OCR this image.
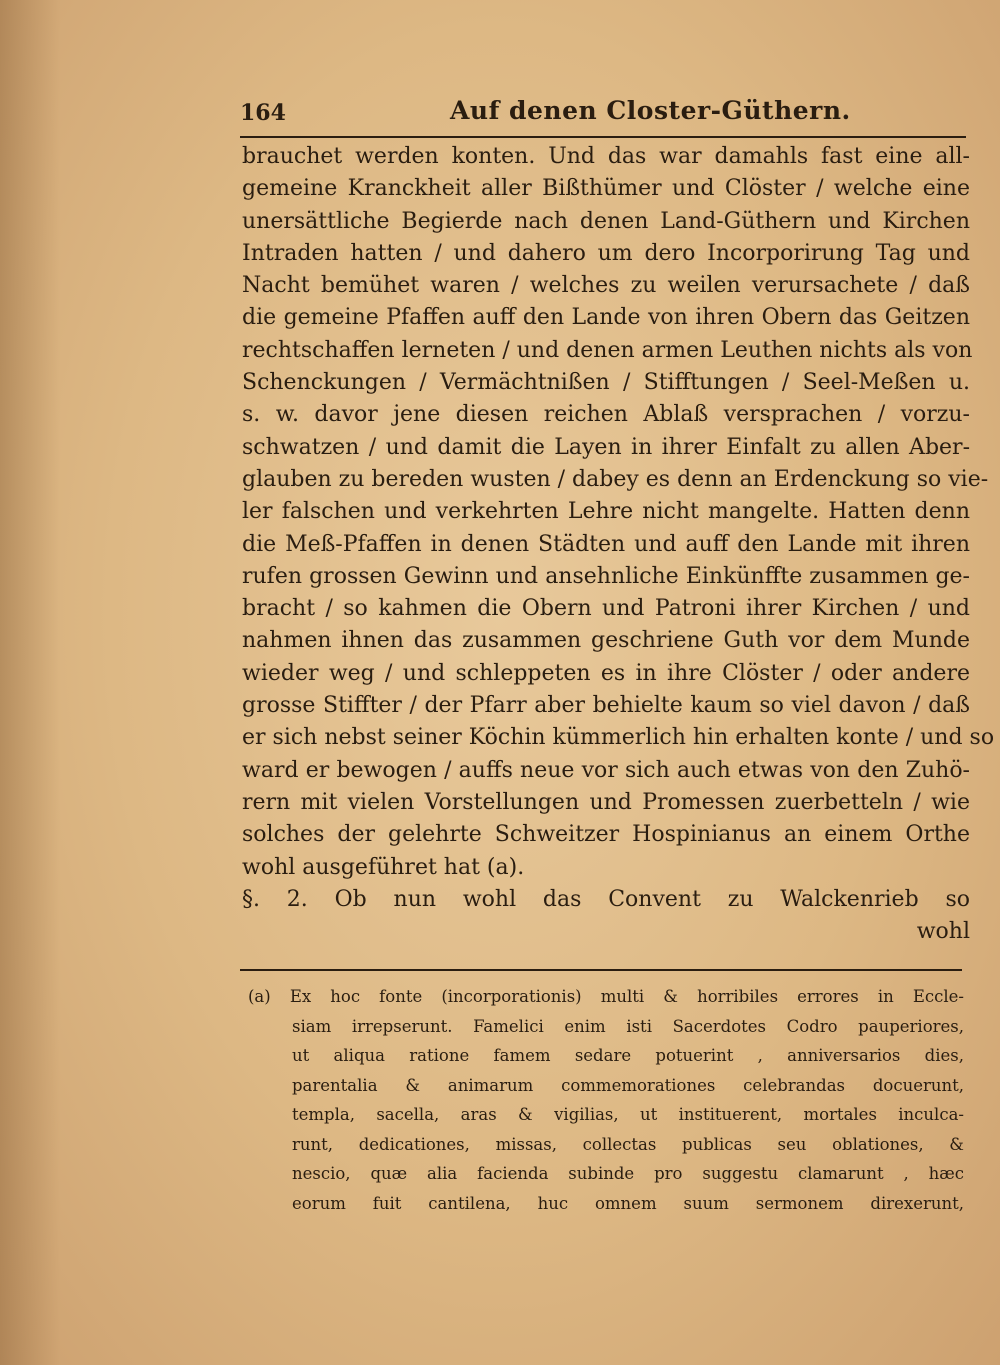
164	Auf denen Closter-Güthern.
brauchet werden konten. Und das war damahls fast eine all-
gemeine Kranckheit aller Bißthümer und Clöster / welche eine
unersättliche Begierde nach denen Land-Güthern und Kirchen
Intraden hatten / und dahero um dero Incorporirung Tag und
Nacht bemühet waren / welches zu weilen verursachete / daß
die gemeine Pfaffen auff den Lande von ihren Obern das Geitzen
rechtschaffen lerneten / und denen armen Leuthen nichts als von
Schenckungen / Vermächtnißen / Stifftungen / Seel-Meßen u.
s. w. davor jene diesen reichen Ablaß versprachen / vorzu-
schwatzen / und damit die Layen in ihrer Einfalt zu allen Aber-
glauben zu bereden wusten / dabey es denn an Erdenckung so vie-
ler falschen und verkehrten Lehre nicht mangelte. Hatten denn
die Meß-Pfaffen in denen Städten und auff den Lande mit ihren
rufen grossen Gewinn und ansehnliche Einkünffte zusammen ge-
bracht / so kahmen die Obern und Patroni ihrer Kirchen / und
nahmen ihnen das zusammen geschriene Guth vor dem Munde
wieder weg / und schleppeten es in ihre Clöster / oder andere
grosse Stiffter / der Pfarr aber behielte kaum so viel davon / daß
er sich nebst seiner Köchin kümmerlich hin erhalten konte / und so
ward er bewogen / auffs neue vor sich auch etwas von den Zuhö-
rern mit vielen Vorstellungen und Promessen zuerbetteln / wie
solches der gelehrte Schweitzer Hospinianus an einem Orthe
wohl ausgeführet hat (a).
§. 2. Ob nun wohl das Convent zu Walckenrieb so
wohl
(a) Ex hoc fonte (incorporationis) multi & horribiles errores in Eccle-
siam irrepserunt. Famelici enim isti Sacerdotes Codro pauperiores,
ut aliqua ratione famem sedare potuerint , anniversarios dies,
parentalia & animarum commemorationes celebrandas docuerunt,
templa, sacella, aras & vigilias, ut instituerent, mortales inculca-
runt, dedicationes, missas, collectas publicas seu oblationes, &
nescio, quæ alia facienda subinde pro suggestu clamarunt , hæc
eorum fuit cantilena, huc omnem suum sermonem direxerunt,
